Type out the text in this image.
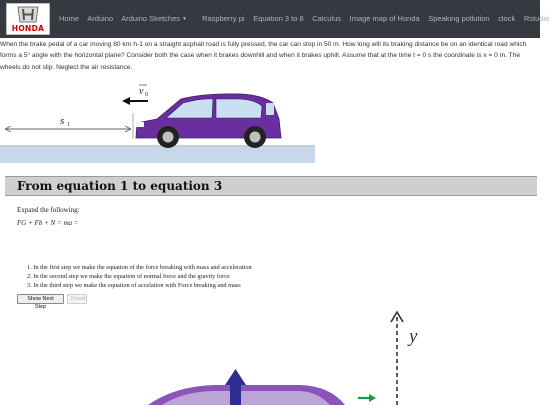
HONDA
Home Arduino Arduino Sketches ▼ Raspberry pi Equation 3 to 8 Calculus Image map of Honda Speaking pollution clock Rstudio

When the brake pedal of a car moving 80 km·h-1 on a straight asphalt road is fully pressed, the car can stop in 50 m. How long will its braking distance be on an identical road which forms a 5° angle with the horizontal plane? Consider both the case when it brakes downhill and when it brakes uphill. Assume that at the time t = 0 s the coordinate is x = 0 m. The wheels do not slip. Neglect the air resistance.

s 1
v 0
From equation 1 to equation 3
Expand the following:
FG + Fb + N = ma =
1. In the first step we make the equation of the force breaking with mass and acceleration
2. In the second step we make the equation of normal force and the gravity force
3. In the third step we make the equation of accelation with Force breaking and mass
Show Next Step
Reset
y
